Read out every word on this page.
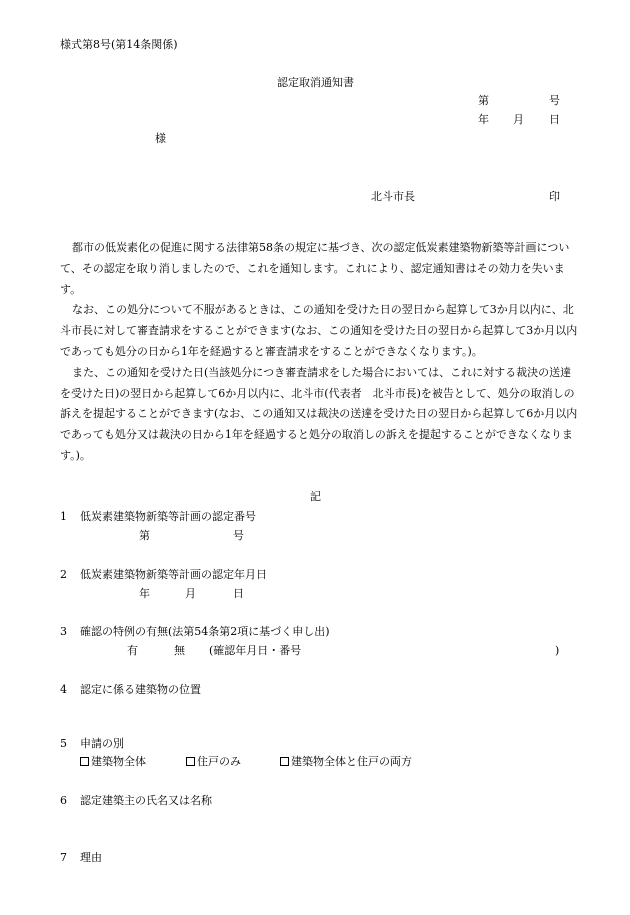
様式第8号(第14条関係)
認定取消通知書
第	号
年 月 日
様
北斗市長	印

都市の低炭素化の促進に関する法律第58条の規定に基づき、次の認定低炭素建築物新築等計画について、その認定を取り消しましたので、これを通知します。これにより、認定通知書はその効力を失います。

なお、この処分について不服があるときは、この通知を受けた日の翌日から起算して3か月以内に、北斗市長に対して審査請求をすることができます(なお、この通知を受けた日の翌日から起算して3か月以内であっても処分の日から1年を経過すると審査請求をすることができなくなります。)。

また、この通知を受けた日(当該処分につき審査請求をした場合においては、これに対する裁決の送達を受けた日)の翌日から起算して6か月以内に、北斗市(代表者　北斗市長)を被告として、処分の取消しの訴えを提起することができます(なお、この通知又は裁決の送達を受けた日の翌日から起算して6か月以内であっても処分又は裁決の日から1年を経過すると処分の取消しの訴えを提起することができなくなります。)。

記
1 低炭素建築物新築等計画の認定番号
第	号
2 低炭素建築物新築等計画の認定年月日
年	月	日
3 確認の特例の有無(法第54条第2項に基づく申し出)
有	無 (確認年月日・番号	)
4 認定に係る建築物の位置
5 申請の別
建築物全体	住戸のみ	建築物全体と住戸の両方
6 認定建築主の氏名又は名称
7 理由
